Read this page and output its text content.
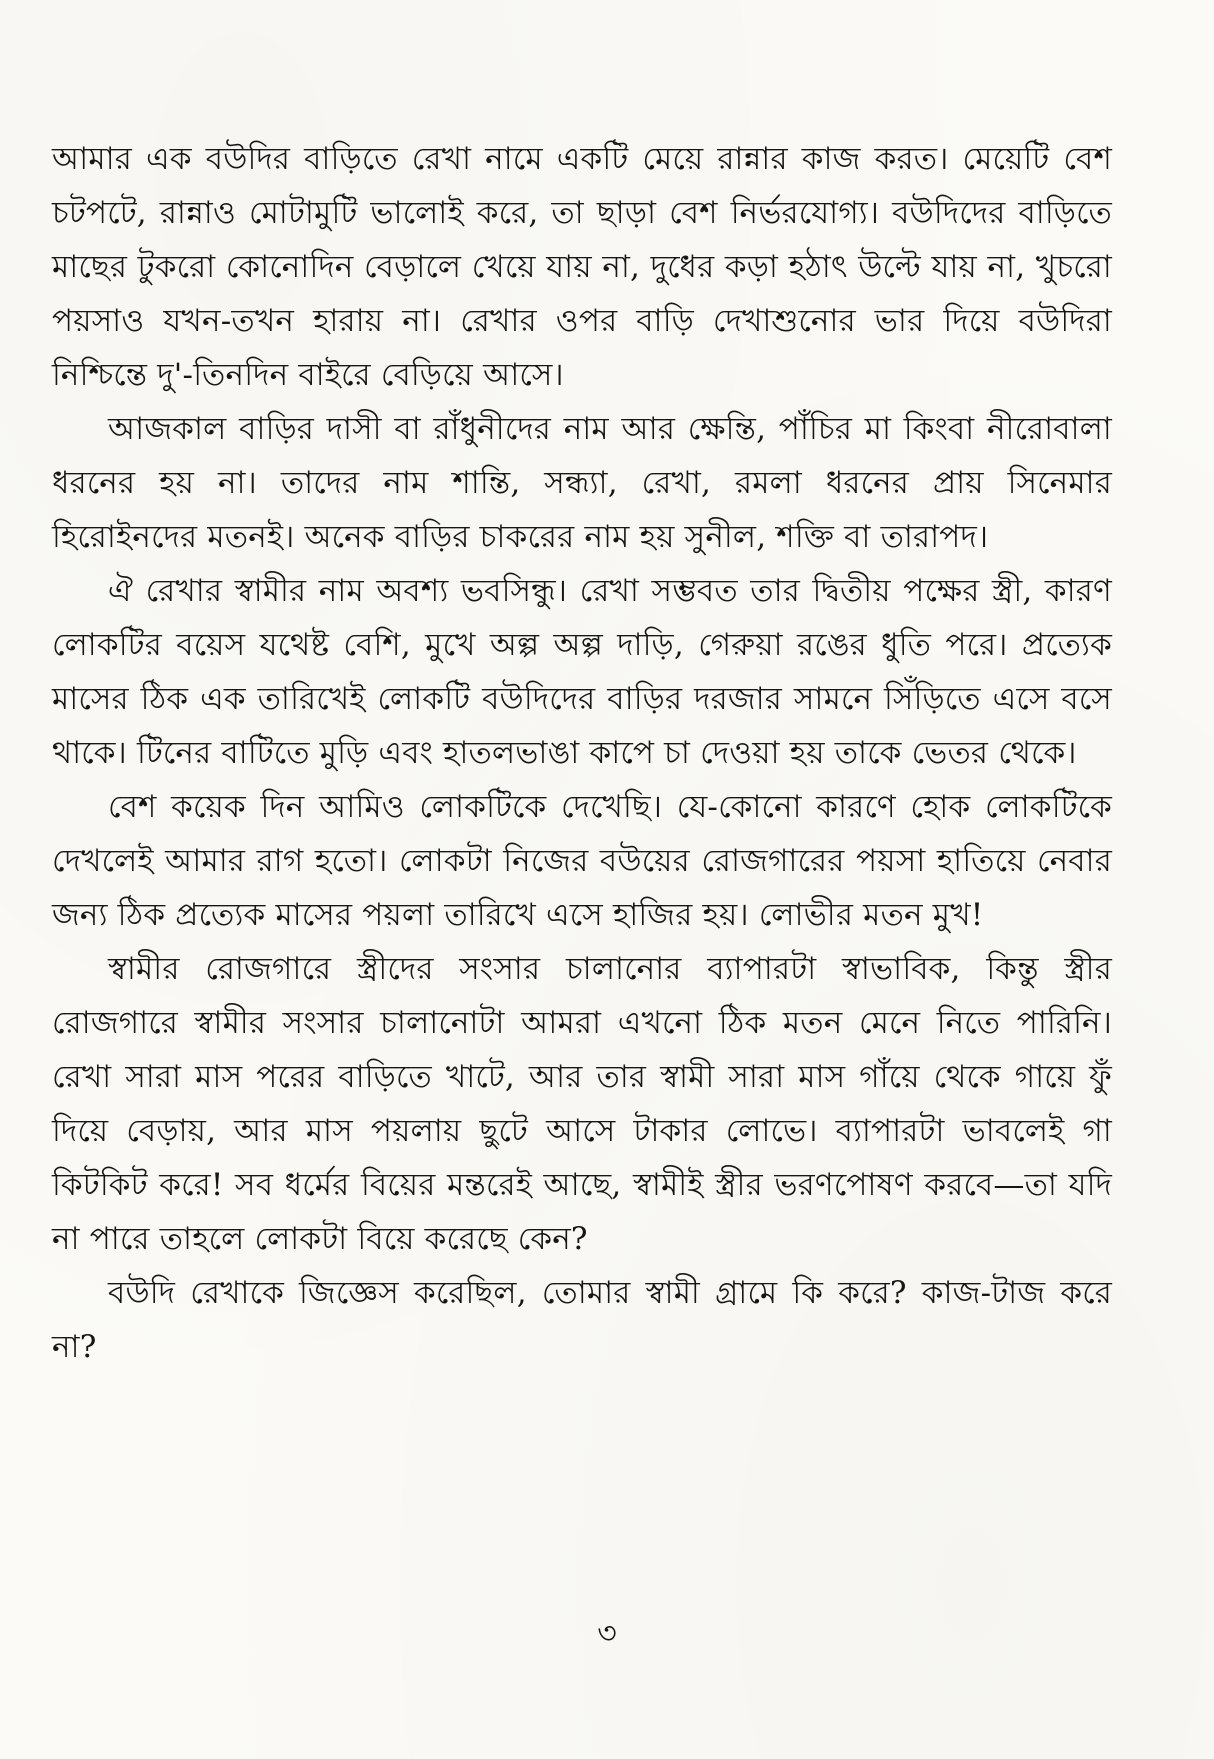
আমার এক বউদির বাড়িতে রেখা নামে একটি মেয়ে রান্নার কাজ করত। মেয়েটি বেশ চটপটে, রান্নাও মোটামুটি ভালোই করে, তা ছাড়া বেশ নির্ভরযোগ্য। বউদিদের বাড়িতে মাছের টুকরো কোনোদিন বেড়ালে খেয়ে যায় না, দুধের কড়া হঠাৎ উল্টে যায় না, খুচরো পয়সাও যখন-তখন হারায় না। রেখার ওপর বাড়ি দেখাশুনোর ভার দিয়ে বউদিরা নিশ্চিন্তে দু'-তিনদিন বাইরে বেড়িয়ে আসে।

আজকাল বাড়ির দাসী বা রাঁধুনীদের নাম আর ক্ষেন্তি, পাঁচির মা কিংবা নীরোবালা ধরনের হয় না। তাদের নাম শান্তি, সন্ধ্যা, রেখা, রমলা ধরনের প্রায় সিনেমার হিরোইনদের মতনই। অনেক বাড়ির চাকরের নাম হয় সুনীল, শক্তি বা তারাপদ।

ঐ রেখার স্বামীর নাম অবশ্য ভবসিন্ধু। রেখা সম্ভবত তার দ্বিতীয় পক্ষের স্ত্রী, কারণ লোকটির বয়েস যথেষ্ট বেশি, মুখে অল্প অল্প দাড়ি, গেরুয়া রঙের ধুতি পরে। প্রত্যেক মাসের ঠিক এক তারিখেই লোকটি বউদিদের বাড়ির দরজার সামনে সিঁড়িতে এসে বসে থাকে। টিনের বাটিতে মুড়ি এবং হাতলভাঙা কাপে চা দেওয়া হয় তাকে ভেতর থেকে।

বেশ কয়েক দিন আমিও লোকটিকে দেখেছি। যে-কোনো কারণে হোক লোকটিকে দেখলেই আমার রাগ হতো। লোকটা নিজের বউয়ের রোজগারের পয়সা হাতিয়ে নেবার জন্য ঠিক প্রত্যেক মাসের পয়লা তারিখে এসে হাজির হয়। লোভীর মতন মুখ!

স্বামীর রোজগারে স্ত্রীদের সংসার চালানোর ব্যাপারটা স্বাভাবিক, কিন্তু স্ত্রীর রোজগারে স্বামীর সংসার চালানোটা আমরা এখনো ঠিক মতন মেনে নিতে পারিনি। রেখা সারা মাস পরের বাড়িতে খাটে, আর তার স্বামী সারা মাস গাঁয়ে থেকে গায়ে ফুঁ দিয়ে বেড়ায়, আর মাস পয়লায় ছুটে আসে টাকার লোভে। ব্যাপারটা ভাবলেই গা কিটকিট করে! সব ধর্মের বিয়ের মন্তরেই আছে, স্বামীই স্ত্রীর ভরণপোষণ করবে—তা যদি না পারে তাহলে লোকটা বিয়ে করেছে কেন?

বউদি রেখাকে জিজ্ঞেস করেছিল, তোমার স্বামী গ্রামে কি করে? কাজ-টাজ করে না?

৩
